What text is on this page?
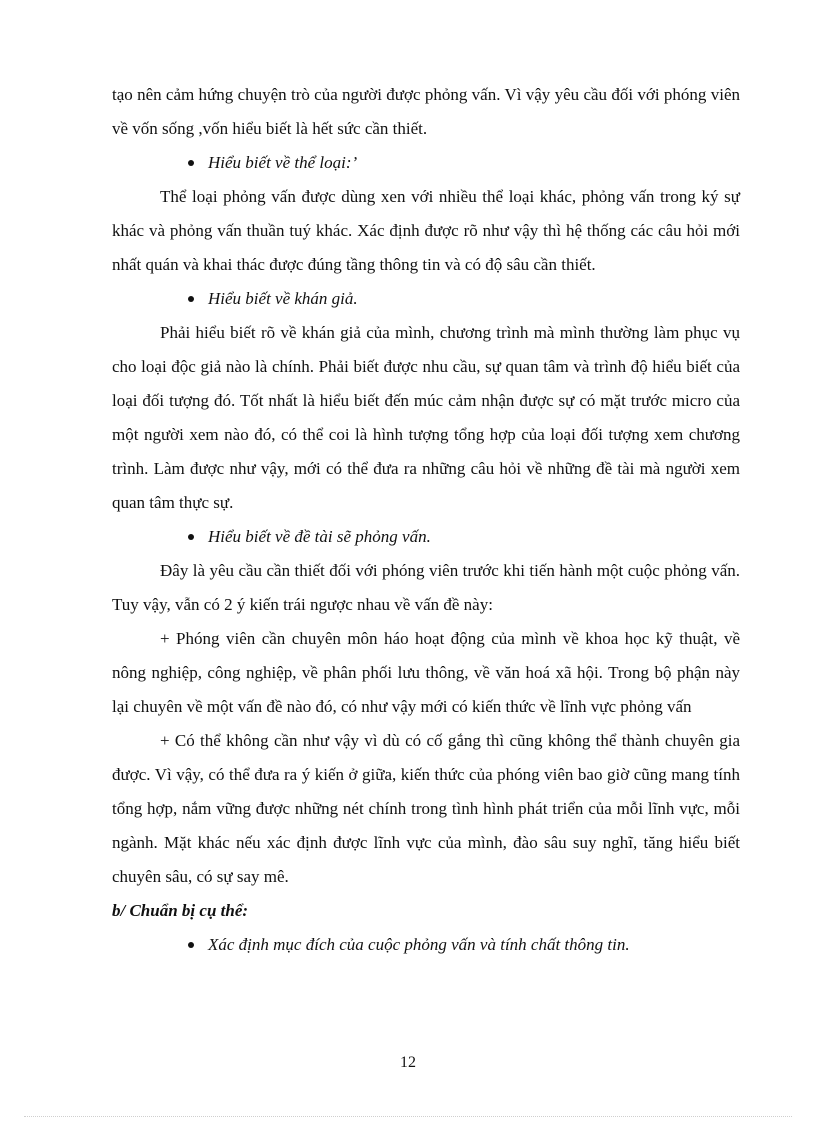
tạo nên cảm hứng chuyện trò của người được phỏng vấn. Vì vậy yêu cầu đối với phóng viên về vốn sống ,vốn hiểu biết là hết sức cần thiết.

Hiểu biết về thể loại:’

Thể loại phỏng vấn được dùng xen với nhiều thể loại khác, phỏng vấn trong ký sự khác và phỏng vấn thuần tuý khác. Xác định được rõ như vậy thì hệ thống các câu hỏi mới nhất quán và khai thác được đúng tầng thông tin và có độ sâu cần thiết.

Hiểu biết về khán giả.

Phải hiểu biết rõ về khán giả của mình, chương trình mà mình thường làm phục vụ cho loại độc giả nào là chính. Phải biết được nhu cầu, sự quan tâm và trình độ hiểu biết của loại đối tượng đó. Tốt nhất là hiểu biết đến múc cảm nhận được sự có mặt trước micro của một người xem nào đó, có thể coi là hình tượng tổng hợp của loại đối tượng xem chương trình. Làm được như vậy, mới có thể đưa ra những câu hỏi về những đề tài mà người xem quan tâm thực sự.

Hiểu biết về đề tài sẽ phỏng vấn.

Đây là yêu cầu cần thiết đối với phóng viên trước khi tiến hành một cuộc phỏng vấn. Tuy vậy, vẫn có 2 ý kiến trái ngược nhau về vấn đề này:

+ Phóng viên cần chuyên môn háo hoạt động của mình về khoa học kỹ thuật, về nông nghiệp, công nghiệp, về phân phối lưu thông, về văn hoá xã hội. Trong bộ phận này lại chuyên về một vấn đề nào đó, có như vậy mới có kiến thức về lĩnh vực phỏng vấn

+ Có thể không cần như vậy vì dù có cố gắng thì cũng không thể thành chuyên gia được. Vì vậy, có thể đưa ra ý kiến ở giữa, kiến thức của phóng viên bao giờ cũng mang tính tổng hợp, nắm vững được những nét chính trong tình hình phát triển của mỗi lĩnh vực, mỗi ngành. Mặt khác nếu xác định được lĩnh vực của mình, đào sâu suy nghĩ, tăng hiểu biết chuyên sâu, có sự say mê.

b/ Chuẩn bị cụ thể:

Xác định mục đích của cuộc phỏng vấn và tính chất thông tin.

12
